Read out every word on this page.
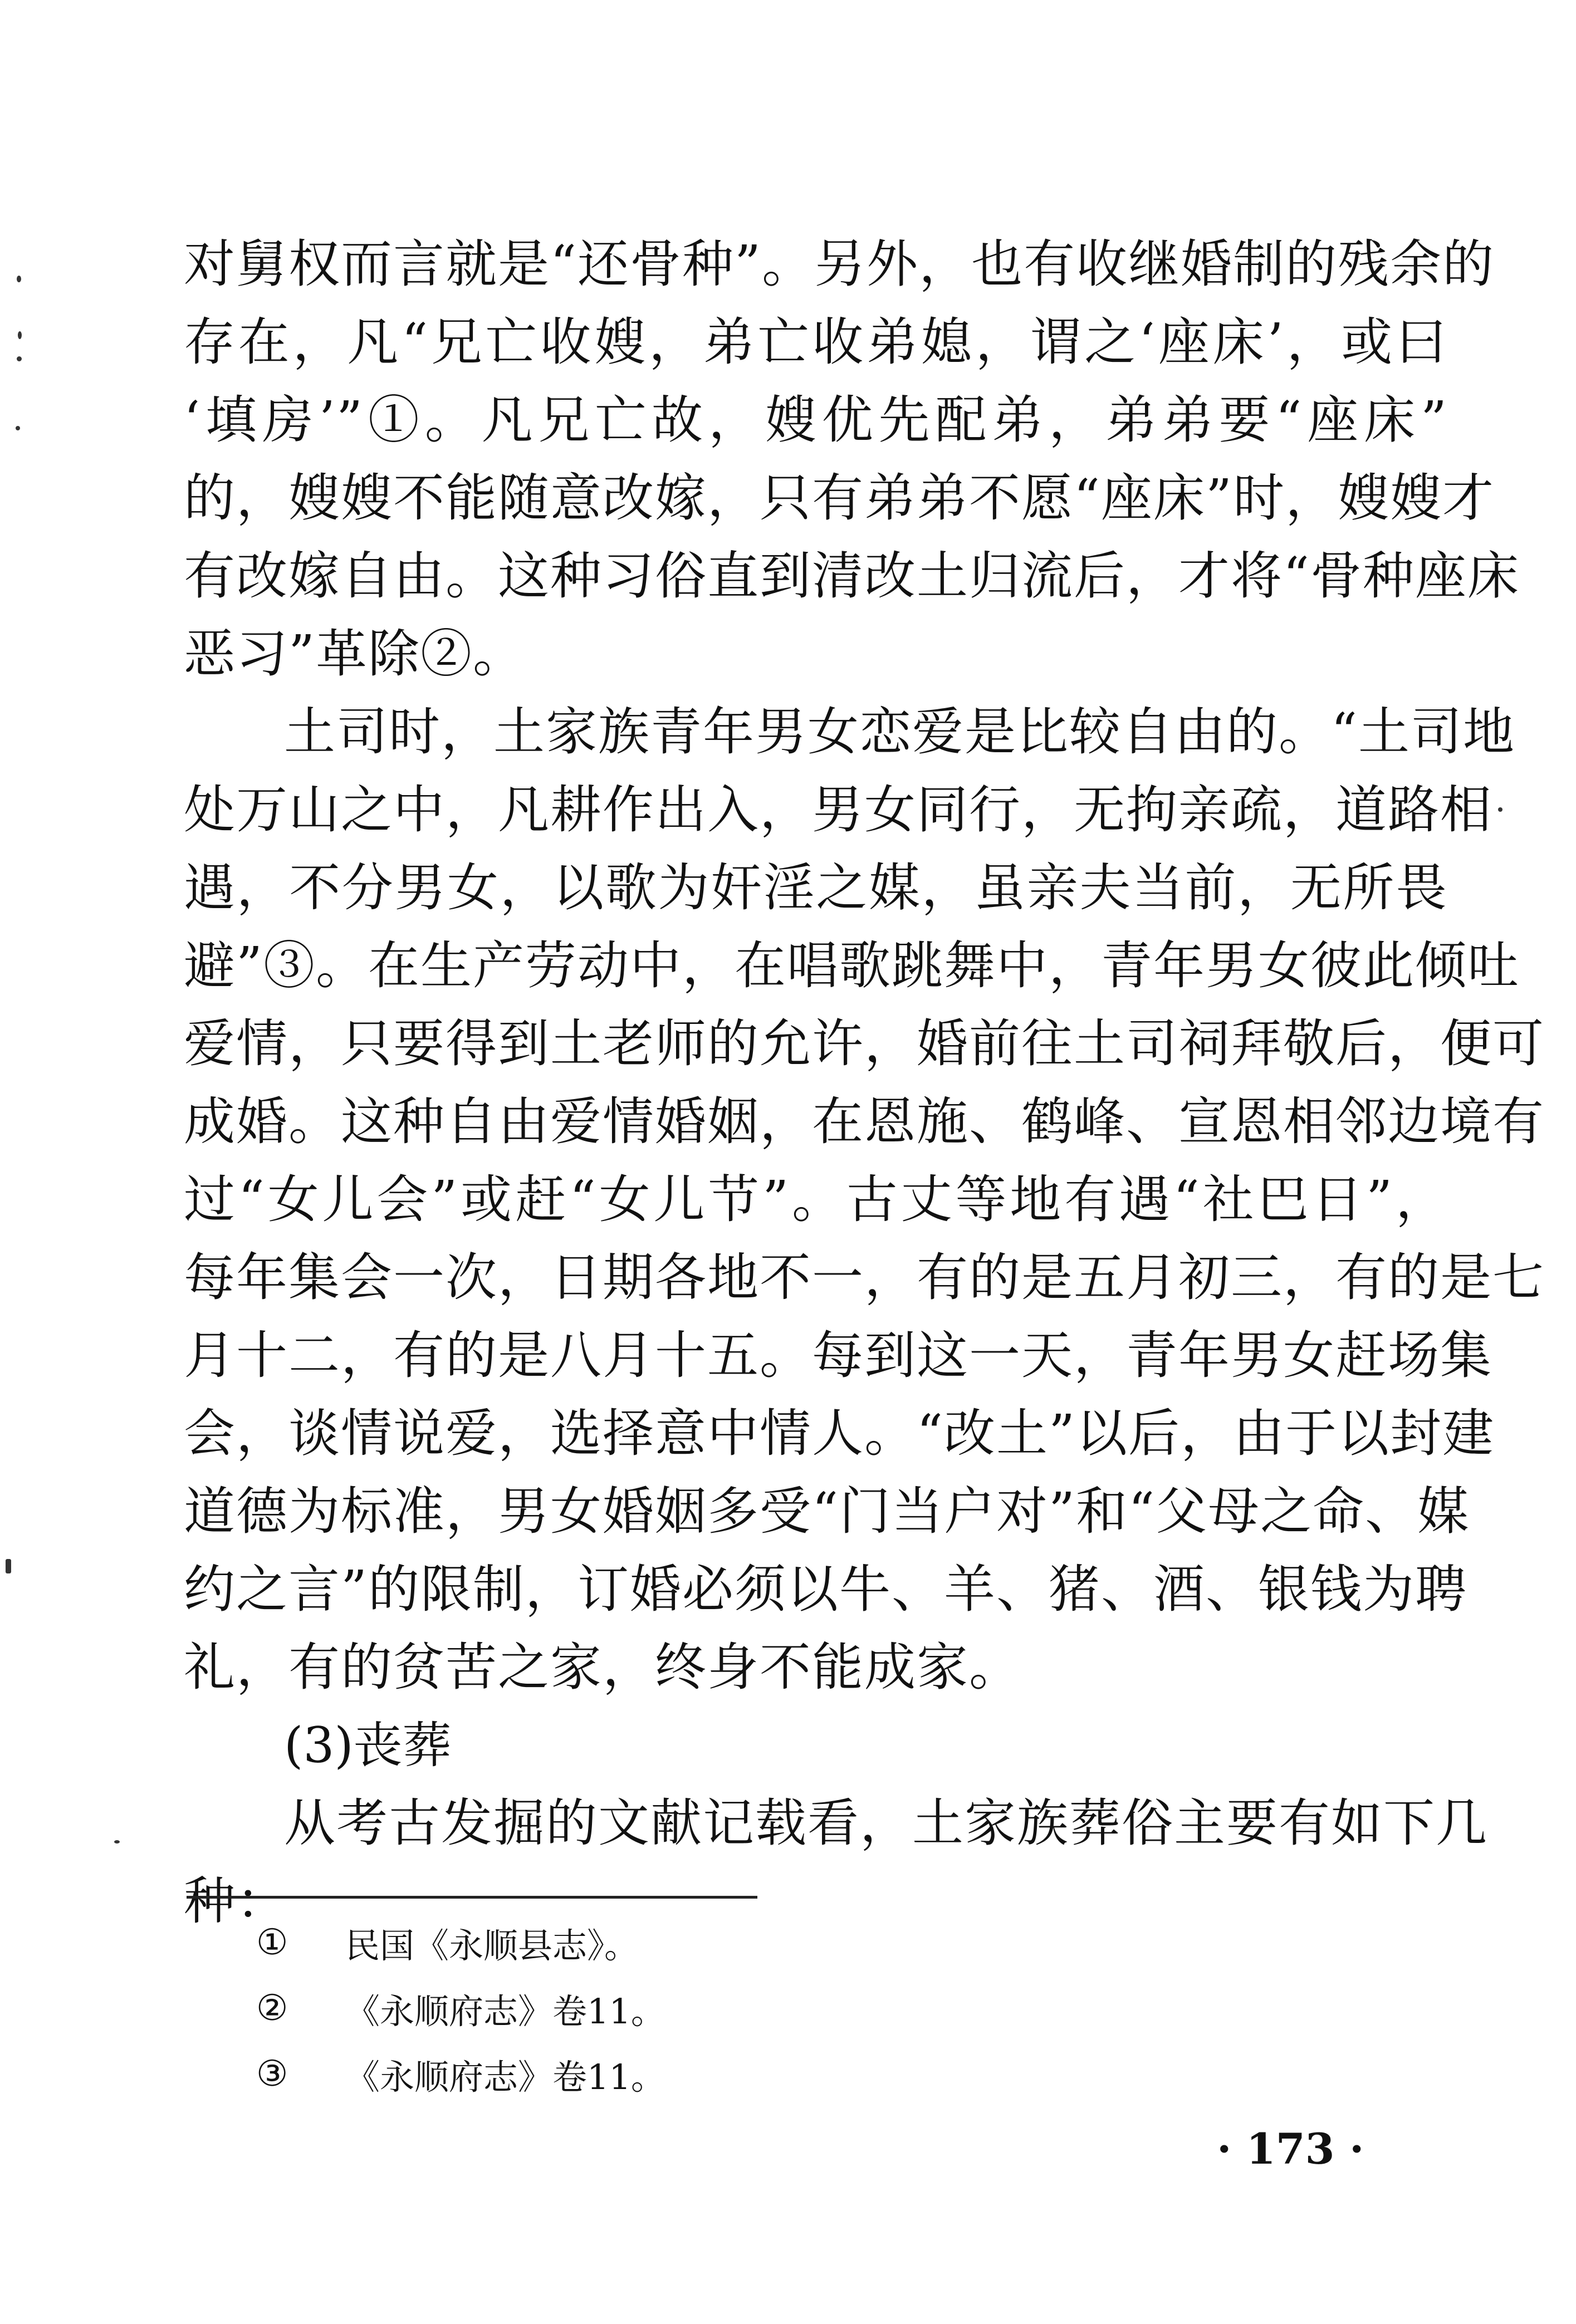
对舅权而言就是“还骨种”。另外，也有收继婚制的残余的
存在，凡“兄亡收嫂，弟亡收弟媳，谓之‘座床’，或曰
‘填房’”①。凡兄亡故，嫂优先配弟，弟弟要“座床”
的，嫂嫂不能随意改嫁，只有弟弟不愿“座床”时，嫂嫂才
有改嫁自由。这种习俗直到清改土归流后，才将“骨种座床
恶习”革除②。
土司时，土家族青年男女恋爱是比较自由的。“土司地
处万山之中，凡耕作出入，男女同行，无拘亲疏，道路相
遇，不分男女，以歌为奸淫之媒，虽亲夫当前，无所畏
避”③。在生产劳动中，在唱歌跳舞中，青年男女彼此倾吐
爱情，只要得到土老师的允许，婚前往土司祠拜敬后，便可
成婚。这种自由爱情婚姻，在恩施、鹤峰、宣恩相邻边境有
过“女儿会”或赶“女儿节”。古丈等地有遇“社巴日”，
每年集会一次，日期各地不一，有的是五月初三，有的是七
月十二，有的是八月十五。每到这一天，青年男女赶场集
会，谈情说爱，选择意中情人。“改土”以后，由于以封建
道德为标准，男女婚姻多受“门当户对”和“父母之命、媒
约之言”的限制，订婚必须以牛、羊、猪、酒、银钱为聘
礼，有的贫苦之家，终身不能成家。
(3)丧葬
从考古发掘的文献记载看，土家族葬俗主要有如下几
种：
①	民国《永顺县志》。
②	《永顺府志》卷11。
③	《永顺府志》卷11。
· 173 ·
